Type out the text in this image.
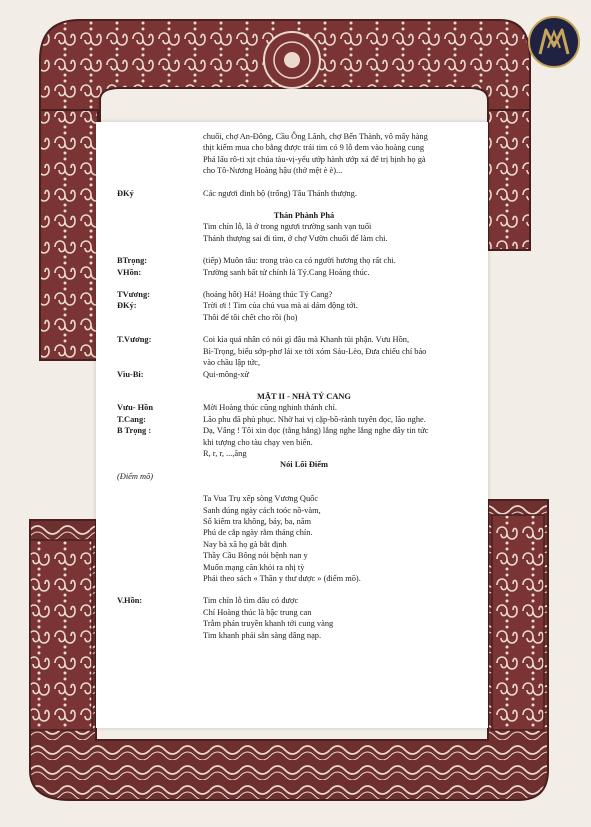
chuối, chợ An-Đông, Cầu Ông Lãnh, chợ Bến Thành, vô mấy hàng
thịt kiếm mua cho bằng được trái tim có 9 lỗ đem vào hoàng cung
Phá lấu rô-ti xịt chúa tàu-vị-yểu ướp hành ướp xả để trị bịnh họ gà
cho Tô-Nương Hoàng hậu (thở mệt è è)...
ĐKý	Các ngươi đinh bộ (trống) Tâu Thánh thượng.
Thán Phành Phá
Tim chín lỗ, là ở trong ngươi trường sanh vạn tuổi
Thánh thượng sai đi tìm, ở chợ Vườn chuối để làm chi.
BTrọng:	(tiếp) Muôn tâu: trong trào ca có người hương thọ rất chi.
VHồn:	Trường sanh bất tử chính là Tỷ.Cang Hoàng thúc.
TVương:	(hoảng hốt) Hả! Hoàng thúc Tỷ Cang?
ĐKý:	Trời ơi ! Tim của chú vua mà ai dám động tới.
Thôi để tôi chết cho rồi (ho)
T.Vương:	Coi kìa quả nhân có nói gì đâu mà Khanh tủi phận. Vưu Hồn,
Bì-Trọng, biểu sớp-phơ lái xe tới xóm Sáu-Lèo, Đưa chiếu chỉ báo
vào chầu lập tức,
Vìu-Bi:	Qui-mông-xử
MẶT II - NHÀ TỶ CANG
Vưu- Hồn	Mời Hoàng thúc cũng nghinh thánh chỉ.
T.Cang:	Lão phu đã phủ phục. Nhờ hai vị cặp-bồ-rành tuyên đọc, lão nghe.
B Trọng :	Dạ, Vâng ! Tôi xin đọc (tằng hắng) lắng nghe lắng nghe đây tin tức
khi tượng cho tàu chạy ven biển.
R, r, r, ...,ăng
Nói Lối Điểm
(Điểm mõ)
Ta Vua Trụ xếp sòng Vương Quốc
Sanh đúng ngày cách toóc nồ-vàm,
Số kiếm tra không, bảy, ba, năm
Phú de cắp ngày rằm tháng chín.
Nay bà xã họ gà bắt định
Thầy Cầu Bông nói bệnh nan y
Muốn mạng căn khỏi ra nhị tỳ
Phải theo sách « Thần y thư dược » (điểm mõ).
V.Hồn:	Tim chín lỗ tìm đâu có được
Chỉ Hoàng thúc là bậc trung can
Trẫm phán truyền khanh tới cung vàng
Tim khanh phải sẵn sàng dâng nạp.
